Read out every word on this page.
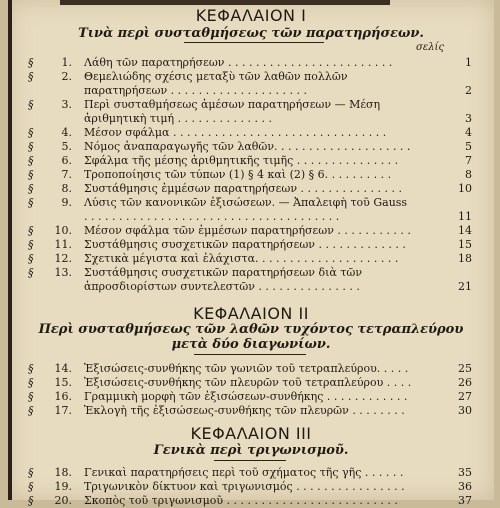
ΚΕΦΑΛΑΙΟΝ I
Τινὰ περὶ συσταθμήσεως τῶν παρατηρήσεων.
σελίς
§	1. Λάθη τῶν παρατηρήσεων . . . . . . . . . . . . . . . . . . . . . . . .	1
§	2. Θεμελιώδης σχέσις μεταξὺ τῶν λαθῶν πολλῶν παρατηρήσεων . . . . . . . . . . . . . . . . . . . .	2
§	3. Περὶ συσταθμήσεως ἀμέσων παρατηρήσεων — Μέση ἀριθμητικὴ τιμή . . . . . . . . . . . . . .	3
§	4. Μέσον σφάλμα . . . . . . . . . . . . . . . . . . . . . . . . . . . . . . .	4
§	5. Νόμος ἀναπαραγωγῆς τῶν λαθῶν. . . . . . . . . . . . . . . . . . . .	5
§	6. Σφάλμα τῆς μέσης ἀριθμητικῆς τιμῆς . . . . . . . . . . . . . . .	7
§	7. Τροποποίησις τῶν τύπων (1) § 4 καὶ (2) § 6. . . . . . . . . .	8
§	8. Συστάθμησις ἐμμέσων παρατηρήσεων . . . . . . . . . . . . . . .	10
§	9. Λύσις τῶν κανονικῶν ἐξισώσεων. — Ἀπαλειφὴ τοῦ Gauss . . . . . . . . . . . . . . . . . . . . . . . . . . . . . . . . . . . . .	11
§	10. Μέσον σφάλμα τῶν ἐμμέσων παρατηρήσεων . . . . . . . . . . .	14
§	11. Συστάθμησις συσχετικῶν παρατηρήσεων . . . . . . . . . . . . .	15
§	12. Σχετικὰ μέγιστα καὶ ἐλάχιστα. . . . . . . . . . . . . . . . . . . . .	18
§	13. Συστάθμησις συσχετικῶν παρατηρήσεων διὰ τῶν ἀπροσδιορίστων συντελεστῶν . . . . . . . . . . . . . . .	21
ΚΕΦΑΛΑΙΟΝ II
Περὶ συσταθμήσεως τῶν λαθῶν τυχόντος τετραπλεύρου μετὰ δύο διαγωνίων.
§	14. Ἐξισώσεις-συνθήκης τῶν γωνιῶν τοῦ τετραπλεύρου. . . . .	25
§	15. Ἐξισώσεις-συνθήκης τῶν πλευρῶν τοῦ τετραπλεύρου . . . .	26
§	16. Γραμμικὴ μορφὴ τῶν ἐξισώσεων-συνθήκης . . . . . . . . . . . .	27
§	17. Ἐκλογὴ τῆς ἐξισώσεως-συνθήκης τῶν πλευρῶν . . . . . . . .	30
ΚΕΦΑΛΑΙΟΝ III
Γενικὰ περὶ τριγωνισμοῦ.
§	18. Γενικαὶ παρατηρήσεις περὶ τοῦ σχήματος τῆς γῆς . . . . . .	35
§	19. Τριγωνικὸν δίκτυον καὶ τριγωνισμός . . . . . . . . . . . . . . . .	36
§	20. Σκοπὸς τοῦ τριγωνισμοῦ . . . . . . . . . . . . . . . . . . . . . . . . .	37
